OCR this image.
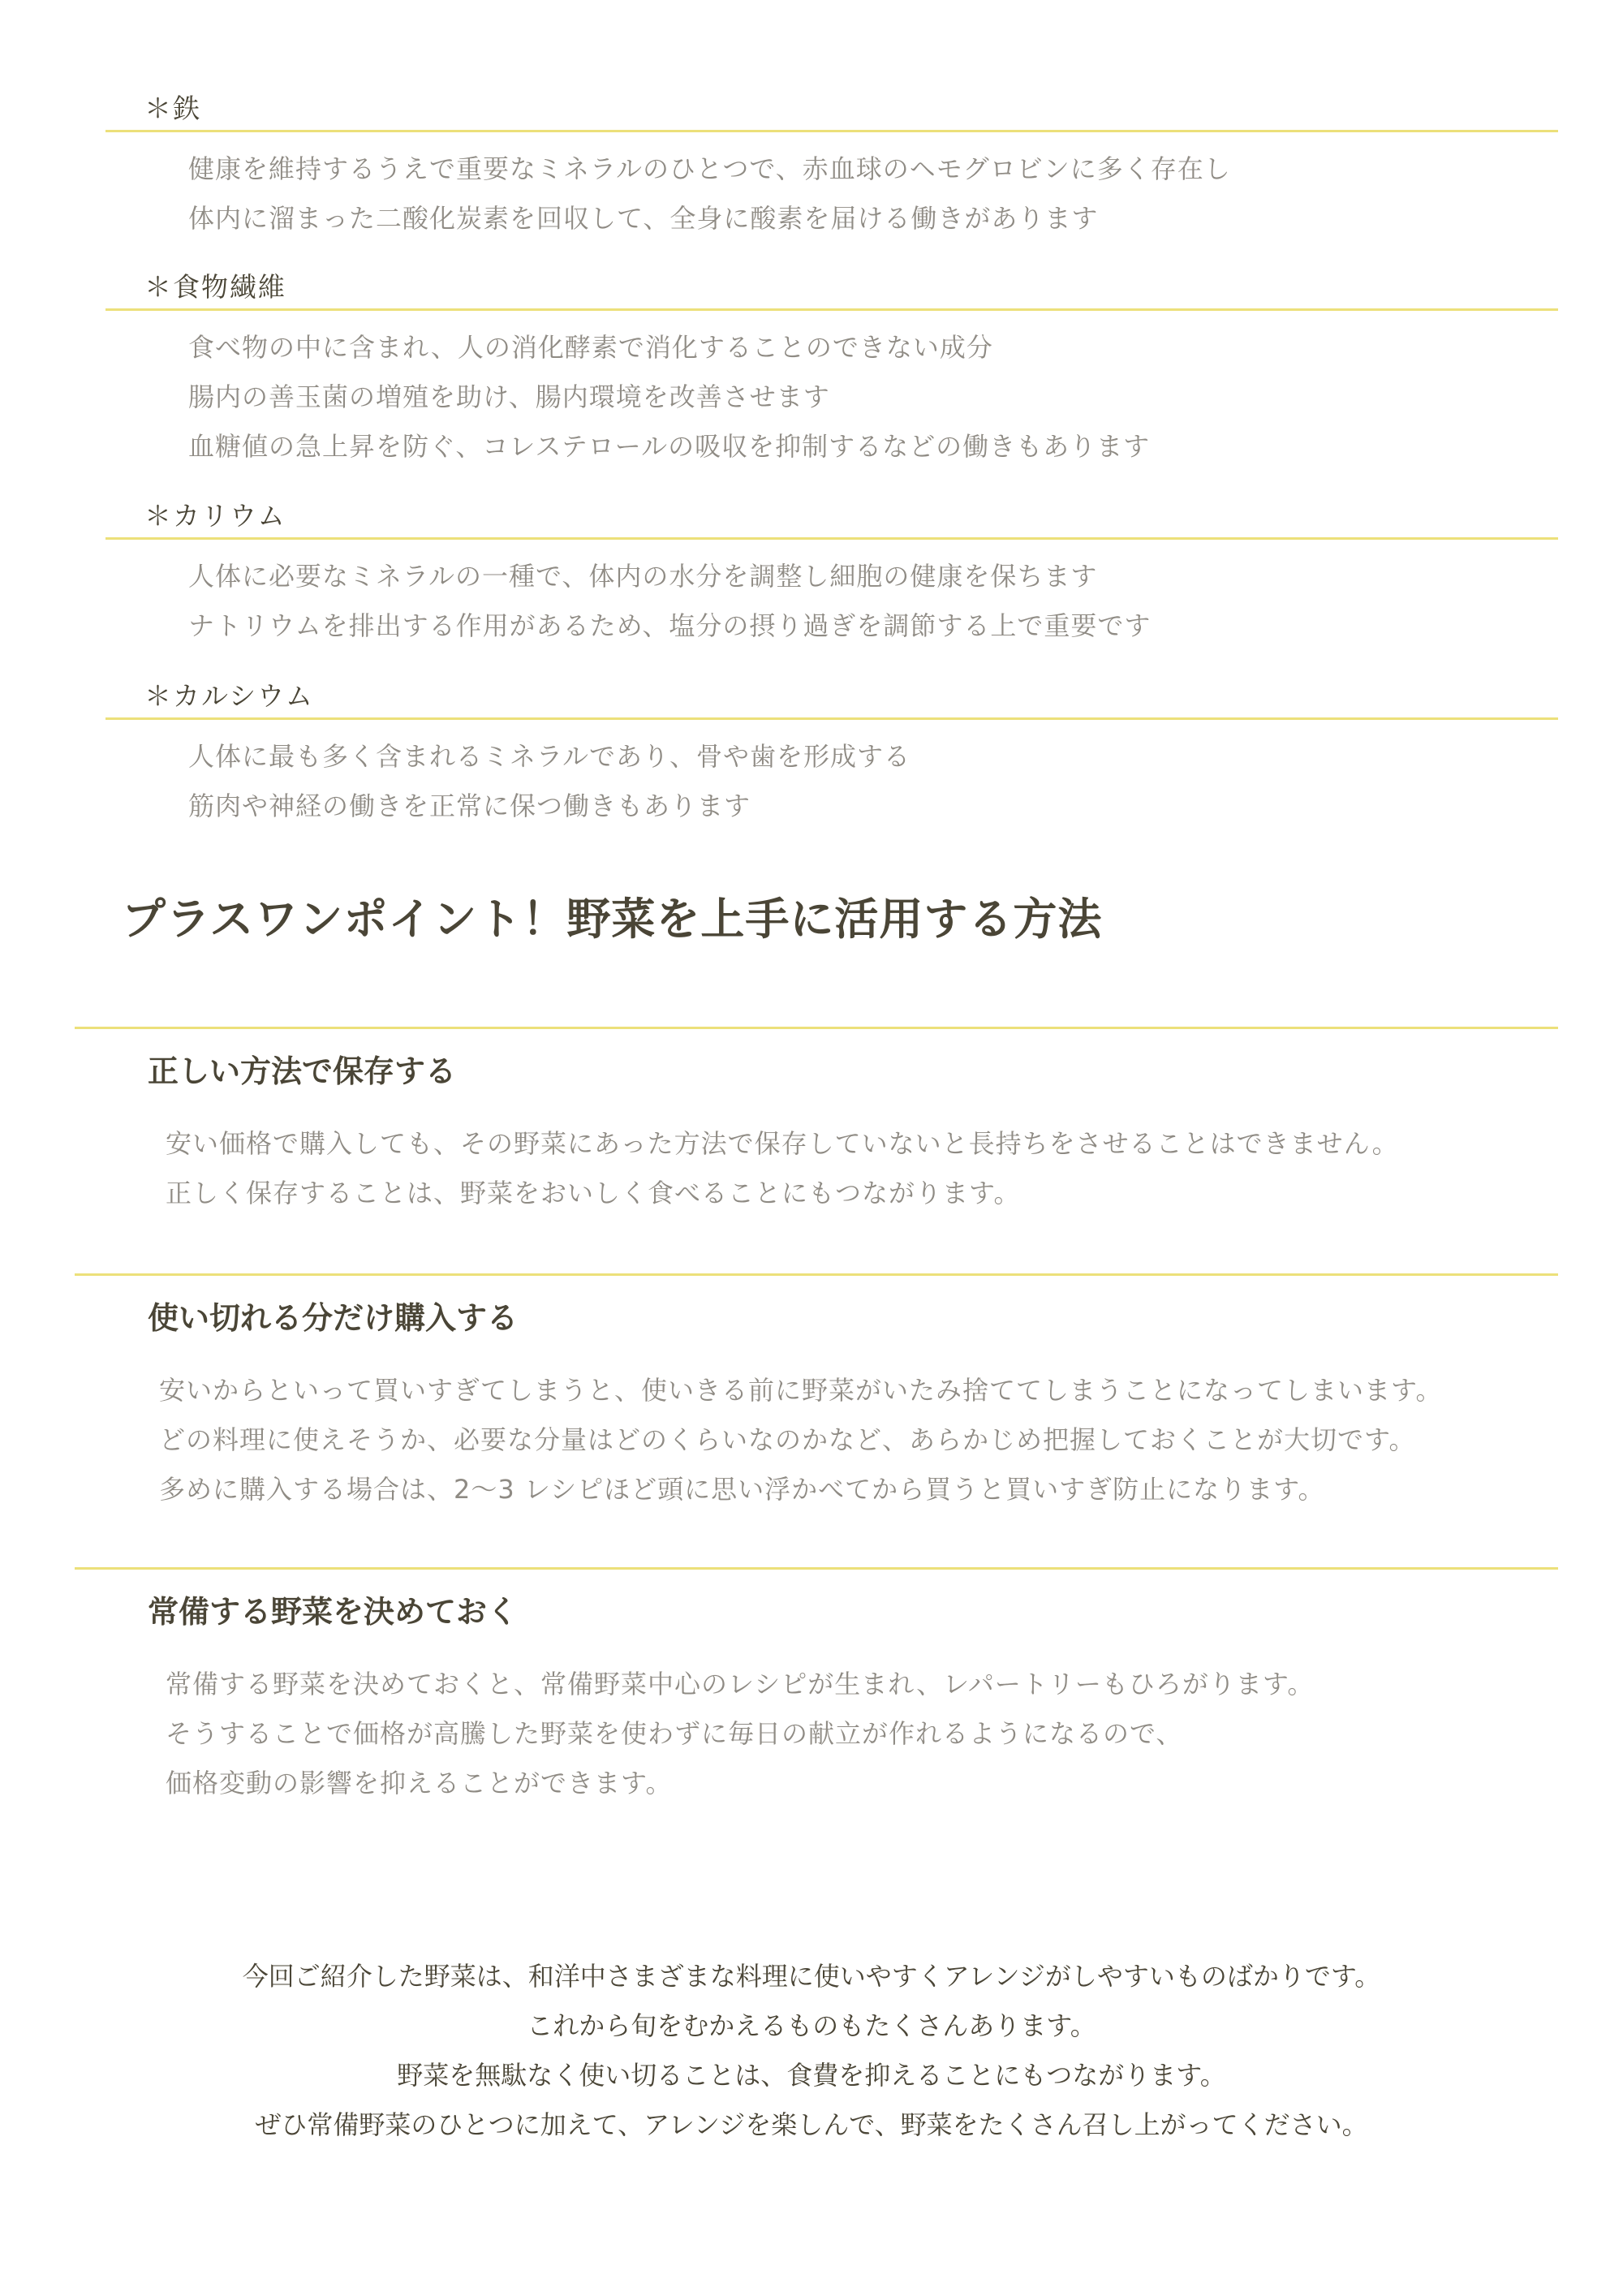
＊鉄
健康を維持するうえで重要なミネラルのひとつで、赤血球のヘモグロビンに多く存在し
体内に溜まった二酸化炭素を回収して、全身に酸素を届ける働きがあります
＊食物繊維
食べ物の中に含まれ、人の消化酵素で消化することのできない成分
腸内の善玉菌の増殖を助け、腸内環境を改善させます
血糖値の急上昇を防ぐ、コレステロールの吸収を抑制するなどの働きもあります
＊カリウム
人体に必要なミネラルの一種で、体内の水分を調整し細胞の健康を保ちます
ナトリウムを排出する作用があるため、塩分の摂り過ぎを調節する上で重要です
＊カルシウム
人体に最も多く含まれるミネラルであり、骨や歯を形成する
筋肉や神経の働きを正常に保つ働きもあります
プラスワンポイント！野菜を上手に活用する方法
正しい方法で保存する
安い価格で購入しても、その野菜にあった方法で保存していないと長持ちをさせることはできません。
正しく保存することは、野菜をおいしく食べることにもつながります。
使い切れる分だけ購入する
安いからといって買いすぎてしまうと、使いきる前に野菜がいたみ捨ててしまうことになってしまいます。
どの料理に使えそうか、必要な分量はどのくらいなのかなど、あらかじめ把握しておくことが大切です。
多めに購入する場合は、2〜3 レシピほど頭に思い浮かべてから買うと買いすぎ防止になります。
常備する野菜を決めておく
常備する野菜を決めておくと、常備野菜中心のレシピが生まれ、レパートリーもひろがります。
そうすることで価格が高騰した野菜を使わずに毎日の献立が作れるようになるので、
価格変動の影響を抑えることができます。
今回ご紹介した野菜は、和洋中さまざまな料理に使いやすくアレンジがしやすいものばかりです。
これから旬をむかえるものもたくさんあります。
野菜を無駄なく使い切ることは、食費を抑えることにもつながります。
ぜひ常備野菜のひとつに加えて、アレンジを楽しんで、野菜をたくさん召し上がってください。
